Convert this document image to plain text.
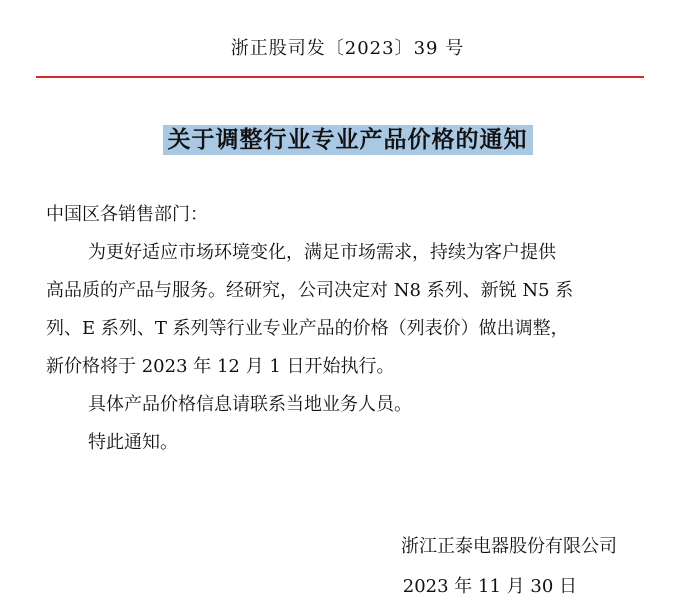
浙正股司发〔2023〕39 号
关于调整行业专业产品价格的通知
中国区各销售部门：
为更好适应市场环境变化，满足市场需求，持续为客户提供
高品质的产品与服务。经研究，公司决定对 N8 系列、新锐 N5 系
列、E 系列、T 系列等行业专业产品的价格（列表价）做出调整，
新价格将于 2023 年 12 月 1 日开始执行。
具体产品价格信息请联系当地业务人员。
特此通知。
浙江正泰电器股份有限公司
2023 年 11 月 30 日
